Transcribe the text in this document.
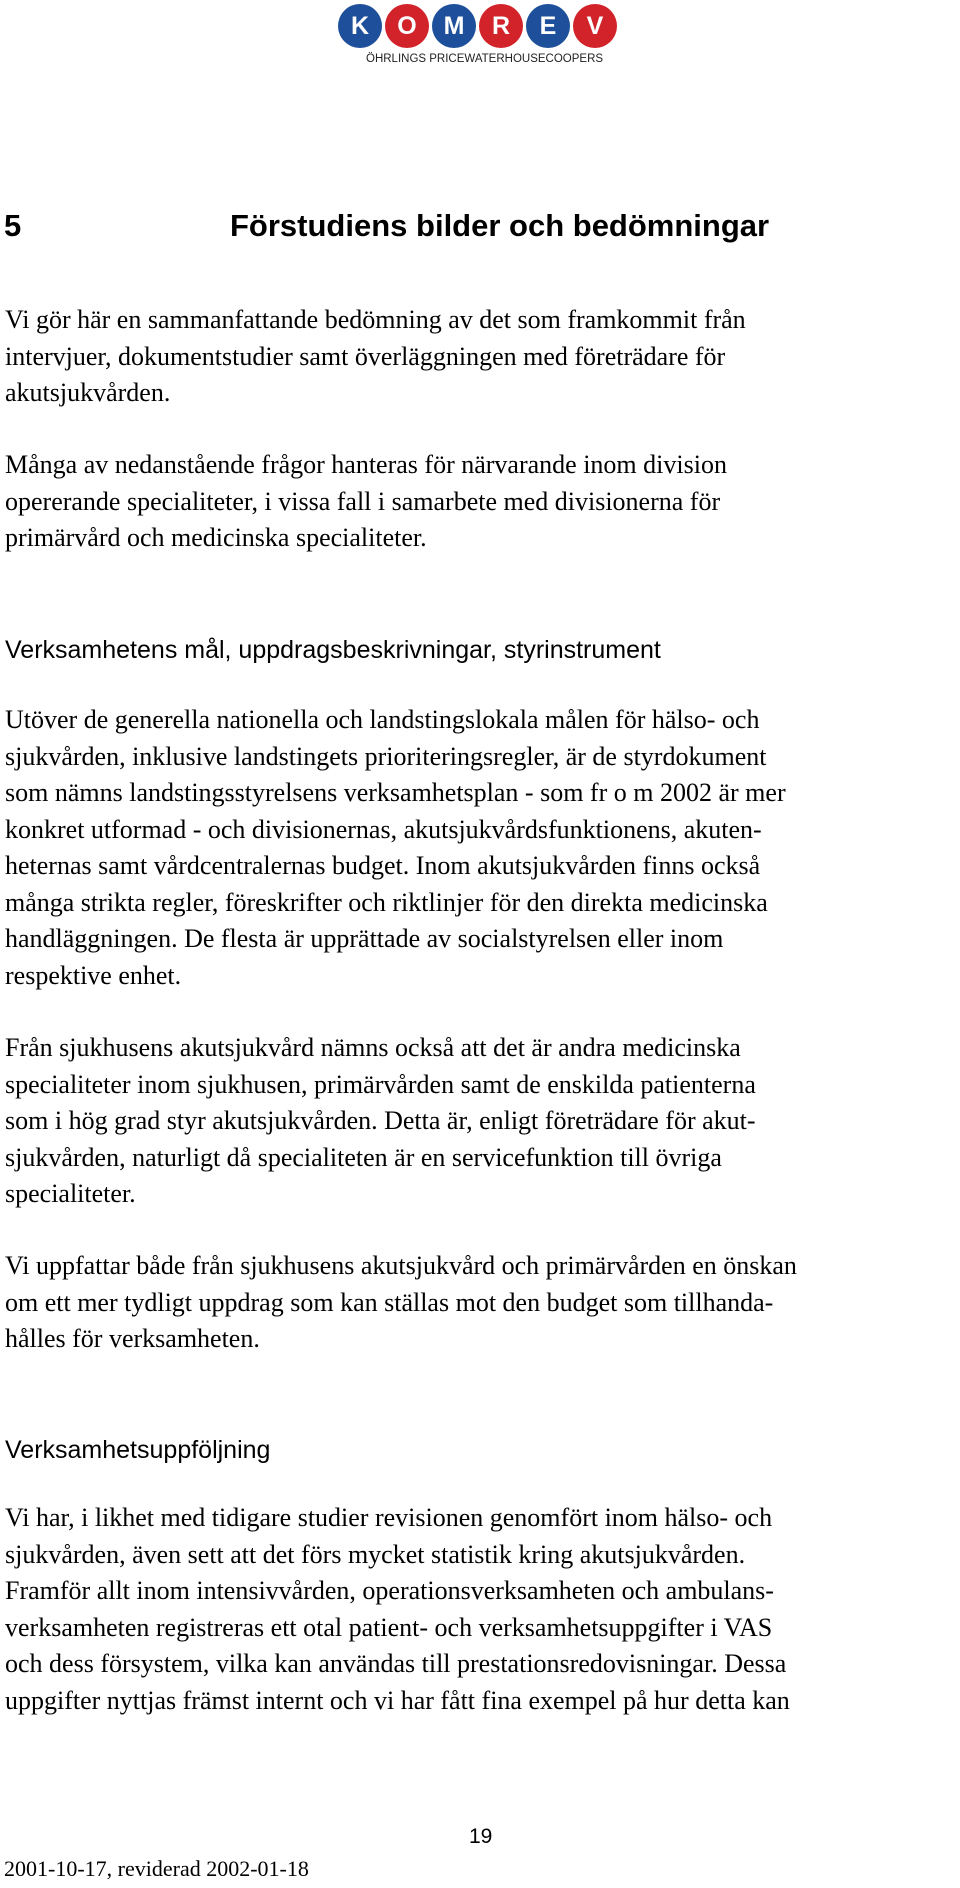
K	O	M	R	E	V
ÖHRLINGS PRICEWATERHOUSECOOPERS
5	Förstudiens bilder och bedömningar
Vi gör här en sammanfattande bedömning av det som framkommit från
intervjuer, dokumentstudier samt överläggningen med företrädare för
akutsjukvården.
Många av nedanstående frågor hanteras för närvarande inom division
opererande specialiteter, i vissa fall i samarbete med divisionerna för
primärvård och medicinska specialiteter.
Verksamhetens mål, uppdragsbeskrivningar, styrinstrument
Utöver de generella nationella och landstingslokala målen för hälso- och
sjukvården, inklusive landstingets prioriteringsregler, är de styrdokument
som nämns landstingsstyrelsens verksamhetsplan - som fr o m 2002 är mer
konkret utformad - och divisionernas, akutsjukvårdsfunktionens, akuten-
heternas samt vårdcentralernas budget. Inom akutsjukvården finns också
många strikta regler, föreskrifter och riktlinjer för den direkta medicinska
handläggningen. De flesta är upprättade av socialstyrelsen eller inom
respektive enhet.
Från sjukhusens akutsjukvård nämns också att det är andra medicinska
specialiteter inom sjukhusen, primärvården samt de enskilda patienterna
som i hög grad styr akutsjukvården. Detta är, enligt företrädare för akut-
sjukvården, naturligt då specialiteten är en servicefunktion till övriga
specialiteter.
Vi uppfattar både från sjukhusens akutsjukvård och primärvården en önskan
om ett mer tydligt uppdrag som kan ställas mot den budget som tillhanda-
hålles för verksamheten.
Verksamhetsuppföljning
Vi har, i likhet med tidigare studier revisionen genomfört inom hälso- och
sjukvården, även sett att det förs mycket statistik kring akutsjukvården.
Framför allt inom intensivvården, operationsverksamheten och ambulans-
verksamheten registreras ett otal patient- och verksamhetsuppgifter i VAS
och dess försystem, vilka kan användas till prestationsredovisningar. Dessa
uppgifter nyttjas främst internt och vi har fått fina exempel på hur detta kan
19
2001-10-17, reviderad 2002-01-18
